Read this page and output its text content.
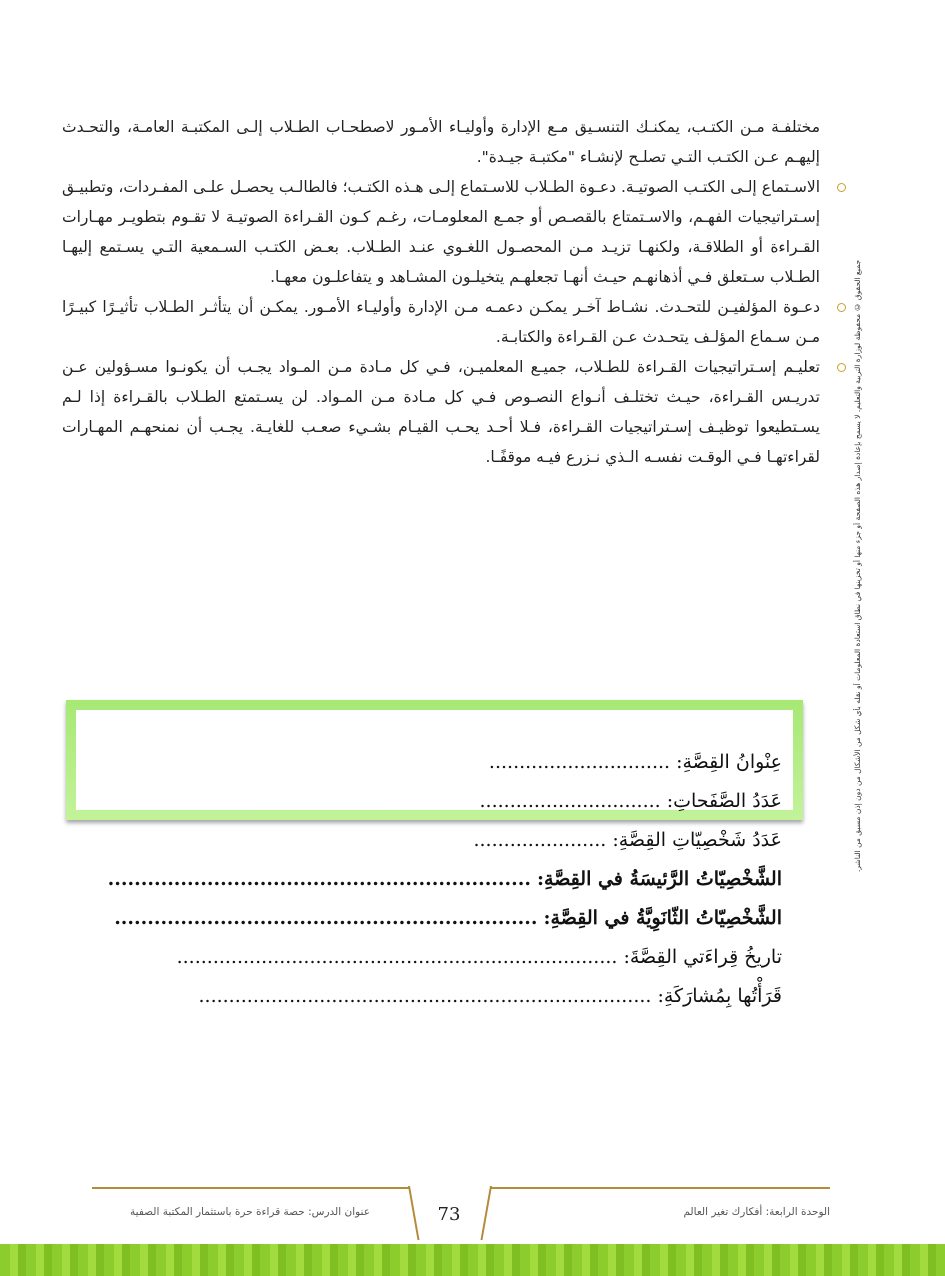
مختلفـة مـن الكتـب، يمكنـك التنسـيق مـع الإدارة وأوليـاء الأمـور لاصطحـاب الطـلاب إلـى المكتبـة العامـة، والتحـدث إليهـم عـن الكتـب التـي تصلـح لإنشـاء "مكتبـة جيـدة".

الاسـتماع إلـى الكتـب الصوتيـة. دعـوة الطـلاب للاسـتماع إلـى هـذه الكتـب؛ فالطالـب يحصـل علـى المفـردات، وتطبيـق إسـتراتيجيات الفهـم، والاسـتمتاع بالقصـص أو جمـع المعلومـات، رغـم كـون القـراءة الصوتيـة لا تقـوم بتطويـر مهـارات القـراءة أو الطلاقـة، ولكنهـا تزيـد مـن المحصـول اللغـوي عنـد الطـلاب. بعـض الكتـب السـمعية التـي يسـتمع إليهـا الطـلاب سـتعلق فـي أذهانهـم حيـث أنهـا تجعلهـم يتخيلـون المشـاهد و يتفاعلـون معهـا.

دعـوة المؤلفيـن للتحـدث. نشـاط آخـر يمكـن دعمـه مـن الإدارة وأوليـاء الأمـور. يمكـن أن يتأثـر الطـلاب تأثيـرًا كبيـرًا مـن سـماع المؤلـف يتحـدث عـن القـراءة والكتابـة.

تعليـم إسـتراتيجيات القـراءة للطـلاب، جميـع المعلميـن، فـي كل مـادة مـن المـواد يجـب أن يكونـوا مسـؤولين عـن تدريـس القـراءة، حيـث تختلـف أنـواع النصـوص فـي كل مـادة مـن المـواد. لن يسـتمتع الطـلاب بالقـراءة إذا لـم يسـتطيعوا توظيـف إسـتراتيجيات القـراءة، فـلا أحـد يحـب القيـام بشـيء صعـب للغايـة. يجـب أن نمنحهـم المهـارات لقراءتهـا فـي الوقـت نفسـه الـذي نـزرع فيـه موقفًـا.	جميع الحقوق © محفوظة لوزارة التربية والتعليم. لا يسمح بإعادة إصدار هذه الصفحة أو جزء منها أو تخزينها في نطاق استعادة المعلومات أو نقله بأي شكل من الأشكال من دون إذن مسبق من الناشر.
عِنْوانُ القِصَّةِ:
..............................
عَدَدُ الصَّفَحاتِ:
..............................
عَدَدُ شَخْصِيّاتِ القِصَّةِ:
......................
الشَّخْصِيّاتُ الرَّئيسَةُ في القِصَّةِ:
................................................................
الشَّخْصِيّاتُ الثّانَوِيَّةُ في القِصَّةِ:
................................................................
تاريخُ قِراءَتي القِصَّةَ:
.........................................................................
قَرَأْتُها بِمُشارَكَةِ:
...........................................................................
73
عنوان الدرس: حصة قراءة حرة باستثمار المكتبة الصفية	الوحدة الرابعة: أفكارك تغير العالم
